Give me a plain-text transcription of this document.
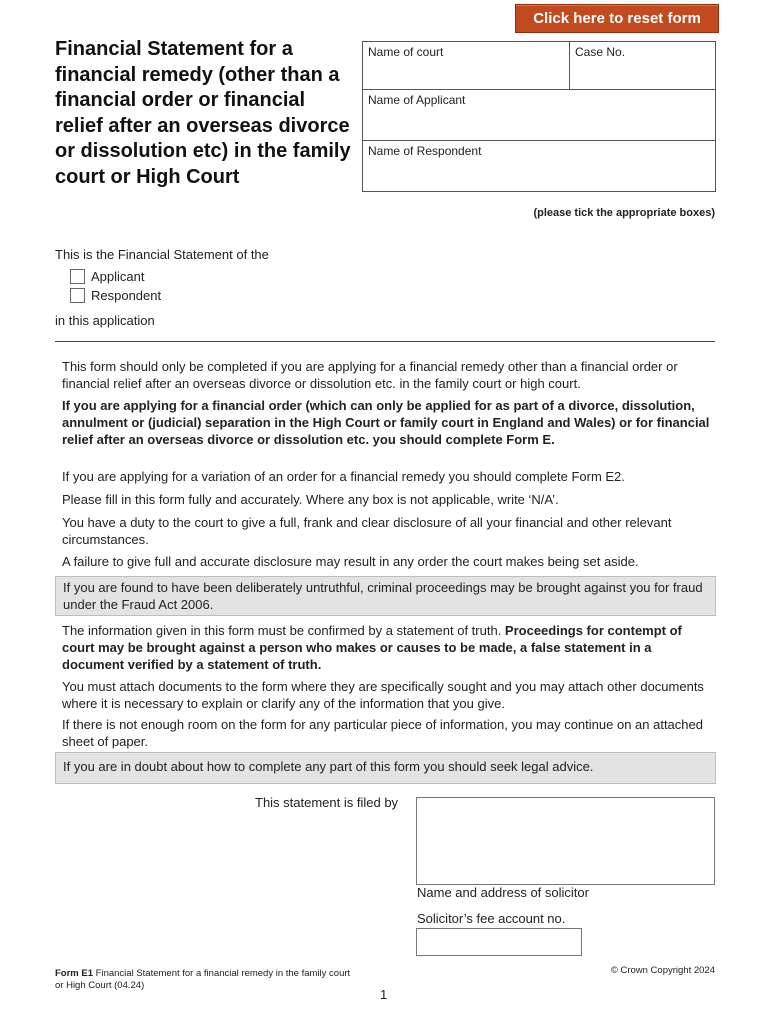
Click here to reset form
Financial Statement for a financial remedy (other than a financial order or financial relief after an overseas divorce or dissolution etc) in the family court or High Court
Name of court	Case No.
Name of Applicant
Name of Respondent
(please tick the appropriate boxes)
This is the Financial Statement of the
Applicant
Respondent
in this application
This form should only be completed if you are applying for a financial remedy other than a financial order or financial relief after an overseas divorce or dissolution etc. in the family court or high court.
If you are applying for a financial order (which can only be applied for as part of a divorce, dissolution, annulment or (judicial) separation in the High Court or family court in England and Wales) or for financial relief after an overseas divorce or dissolution etc. you should complete Form E.
If you are applying for a variation of an order for a financial remedy you should complete Form E2.
Please fill in this form fully and accurately. Where any box is not applicable, write ‘N/A’.
You have a duty to the court to give a full, frank and clear disclosure of all your financial and other relevant circumstances.
A failure to give full and accurate disclosure may result in any order the court makes being set aside.
If you are found to have been deliberately untruthful, criminal proceedings may be brought against you for fraud under the Fraud Act 2006.
The information given in this form must be confirmed by a statement of truth. Proceedings for contempt of court may be brought against a person who makes or causes to be made, a false statement in a document verified by a statement of truth.
You must attach documents to the form where they are specifically sought and you may attach other documents where it is necessary to explain or clarify any of the information that you give.
If there is not enough room on the form for any particular piece of information, you may continue on an attached sheet of paper.
If you are in doubt about how to complete any part of this form you should seek legal advice.
This statement is filed by
Name and address of solicitor
Solicitor’s fee account no.
Form E1 Financial Statement for a financial remedy in the family court or High Court (04.24)
© Crown Copyright 2024
1
